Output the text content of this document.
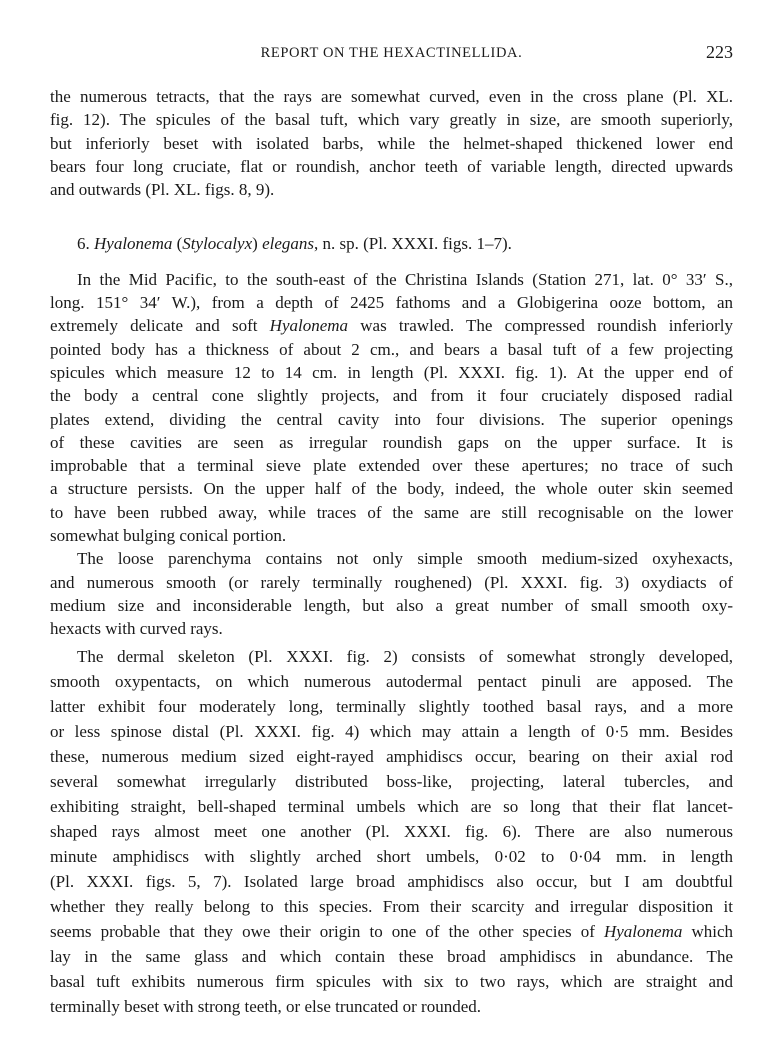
REPORT ON THE HEXACTINELLIDA.	223
the numerous tetracts, that the rays are somewhat curved, even in the cross plane (Pl. XL.
fig. 12). The spicules of the basal tuft, which vary greatly in size, are smooth superiorly,
but inferiorly beset with isolated barbs, while the helmet-shaped thickened lower end
bears four long cruciate, flat or roundish, anchor teeth of variable length, directed upwards
and outwards (Pl. XL. figs. 8, 9).
6. Hyalonema (Stylocalyx) elegans, n. sp. (Pl. XXXI. figs. 1–7).
In the Mid Pacific, to the south-east of the Christina Islands (Station 271, lat. 0° 33′ S.,
long. 151° 34′ W.), from a depth of 2425 fathoms and a Globigerina ooze bottom, an
extremely delicate and soft Hyalonema was trawled. The compressed roundish inferiorly
pointed body has a thickness of about 2 cm., and bears a basal tuft of a few projecting
spicules which measure 12 to 14 cm. in length (Pl. XXXI. fig. 1). At the upper end of
the body a central cone slightly projects, and from it four cruciately disposed radial
plates extend, dividing the central cavity into four divisions. The superior openings
of these cavities are seen as irregular roundish gaps on the upper surface. It is
improbable that a terminal sieve plate extended over these apertures; no trace of such
a structure persists. On the upper half of the body, indeed, the whole outer skin seemed
to have been rubbed away, while traces of the same are still recognisable on the lower
somewhat bulging conical portion.
The loose parenchyma contains not only simple smooth medium-sized oxyhexacts,
and numerous smooth (or rarely terminally roughened) (Pl. XXXI. fig. 3) oxydiacts of
medium size and inconsiderable length, but also a great number of small smooth oxy-
hexacts with curved rays.
The dermal skeleton (Pl. XXXI. fig. 2) consists of somewhat strongly developed,
smooth oxypentacts, on which numerous autodermal pentact pinuli are apposed. The
latter exhibit four moderately long, terminally slightly toothed basal rays, and a more
or less spinose distal (Pl. XXXI. fig. 4) which may attain a length of 0·5 mm. Besides
these, numerous medium sized eight-rayed amphidiscs occur, bearing on their axial rod
several somewhat irregularly distributed boss-like, projecting, lateral tubercles, and
exhibiting straight, bell-shaped terminal umbels which are so long that their flat lancet-
shaped rays almost meet one another (Pl. XXXI. fig. 6). There are also numerous
minute amphidiscs with slightly arched short umbels, 0·02 to 0·04 mm. in length
(Pl. XXXI. figs. 5, 7). Isolated large broad amphidiscs also occur, but I am doubtful
whether they really belong to this species. From their scarcity and irregular disposition it
seems probable that they owe their origin to one of the other species of Hyalonema which
lay in the same glass and which contain these broad amphidiscs in abundance. The
basal tuft exhibits numerous firm spicules with six to two rays, which are straight and
terminally beset with strong teeth, or else truncated or rounded.
